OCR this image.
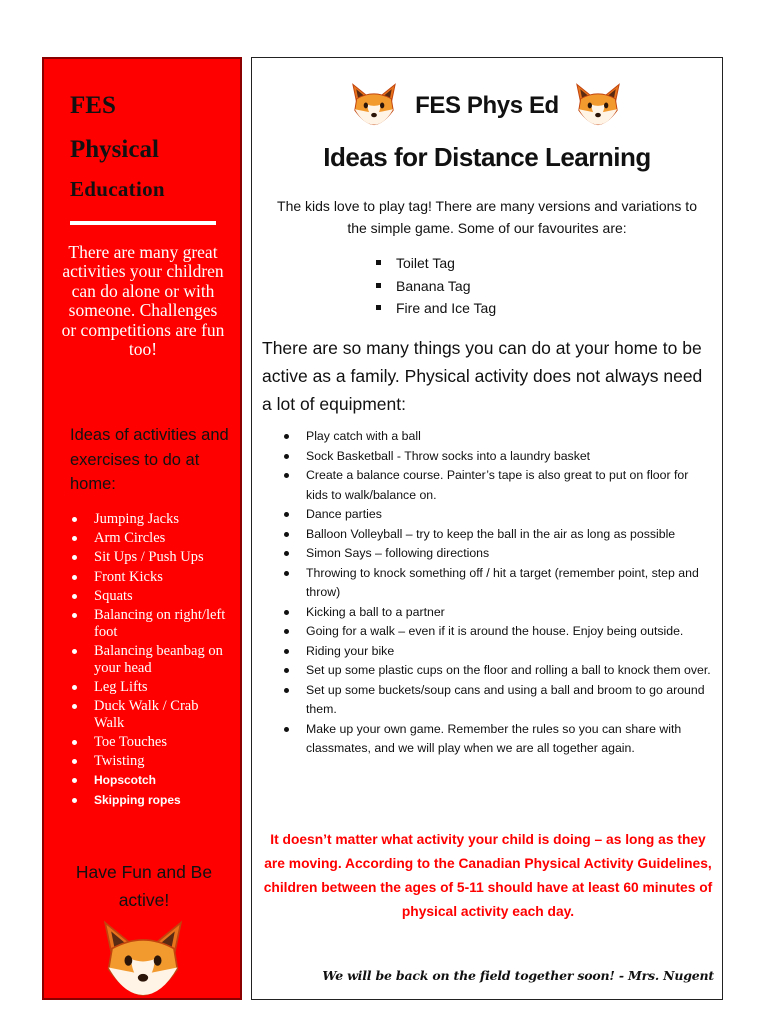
FES
Physical
Education

There are many great activities your children can do alone or with someone. Challenges or competitions are fun too!

Ideas of activities and exercises to do at home:

Jumping Jacks
Arm Circles
Sit Ups / Push Ups
Front Kicks
Squats
Balancing on right/left foot
Balancing beanbag on your head
Leg Lifts
Duck Walk / Crab Walk
Toe Touches
Twisting
Hopscotch
Skipping ropes

Have Fun and Be active!

FES Phys Ed
Ideas for Distance Learning

The kids love to play tag! There are many versions and variations to the simple game. Some of our favourites are:

Toilet Tag
Banana Tag
Fire and Ice Tag

There are so many things you can do at your home to be active as a family. Physical activity does not always need a lot of equipment:

Play catch with a ball
Sock Basketball - Throw socks into a laundry basket
Create a balance course. Painter’s tape is also great to put on floor for kids to walk/balance on.
Dance parties
Balloon Volleyball – try to keep the ball in the air as long as possible
Simon Says – following directions
Throwing to knock something off / hit a target (remember point, step and throw)
Kicking a ball to a partner
Going for a walk – even if it is around the house. Enjoy being outside.
Riding your bike
Set up some plastic cups on the floor and rolling a ball to knock them over.
Set up some buckets/soup cans and using a ball and broom to go around them.
Make up your own game. Remember the rules so you can share with classmates, and we will play when we are all together again.

It doesn’t matter what activity your child is doing – as long as they are moving. According to the Canadian Physical Activity Guidelines, children between the ages of 5-11 should have at least 60 minutes of physical activity each day.

We will be back on the field together soon! - Mrs. Nugent
